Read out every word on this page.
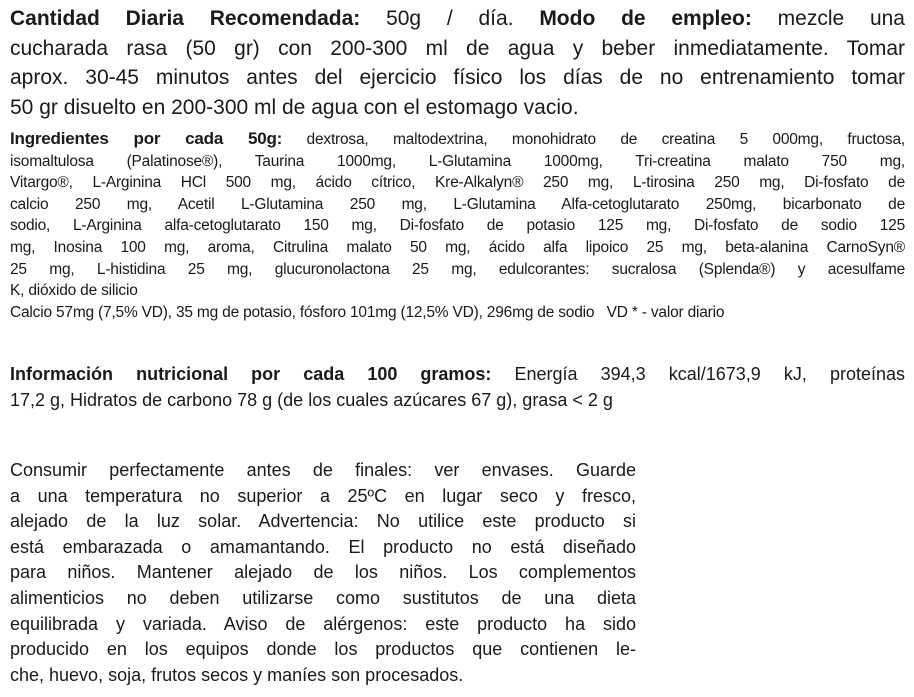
Cantidad Diaria Recomendada: 50g / día. Modo de empleo: mezcle una
cucharada rasa (50 gr) con 200-300 ml de agua y beber inmediatamente. Tomar
aprox. 30-45 minutos antes del ejercicio físico los días de no entrenamiento tomar
50 gr disuelto en 200-300 ml de agua con el estomago vacio.
Ingredientes por cada 50g: dextrosa, maltodextrina, monohidrato de creatina 5 000mg, fructosa,
isomaltulosa (Palatinose®), Taurina 1000mg, L-Glutamina 1000mg, Tri-creatina malato 750 mg,
Vitargo®, L-Arginina HCl 500 mg, ácido cítrico, Kre-Alkalyn® 250 mg, L-tirosina 250 mg, Di-fosfato de
calcio 250 mg, Acetil L-Glutamina 250 mg, L-Glutamina Alfa-cetoglutarato 250mg, bicarbonato de
sodio, L-Arginina alfa-cetoglutarato 150 mg, Di-fosfato de potasio 125 mg, Di-fosfato de sodio 125
mg, Inosina 100 mg, aroma, Citrulina malato 50 mg, ácido alfa lipoico 25 mg, beta-alanina CarnoSyn®
25 mg, L-histidina 25 mg, glucuronolactona 25 mg, edulcorantes: sucralosa (Splenda®) y acesulfame
K, dióxido de silicio
Calcio 57mg (7,5% VD), 35 mg de potasio, fósforo 101mg (12,5% VD), 296mg de sodio   VD * - valor diario
Información nutricional por cada 100 gramos: Energía 394,3 kcal/1673,9 kJ, proteínas
17,2 g, Hidratos de carbono 78 g (de los cuales azúcares 67 g), grasa < 2 g
Consumir perfectamente antes de finales: ver envases. Guarde
a una temperatura no superior a 25ºC en lugar seco y fresco,
alejado de la luz solar. Advertencia: No utilice este producto si
está embarazada o amamantando. El producto no está diseñado
para niños. Mantener alejado de los niños. Los complementos
alimenticios no deben utilizarse como sustitutos de una dieta
equilibrada y variada. Aviso de alérgenos: este producto ha sido
producido en los equipos donde los productos que contienen le-
che, huevo, soja, frutos secos y maníes son procesados.
